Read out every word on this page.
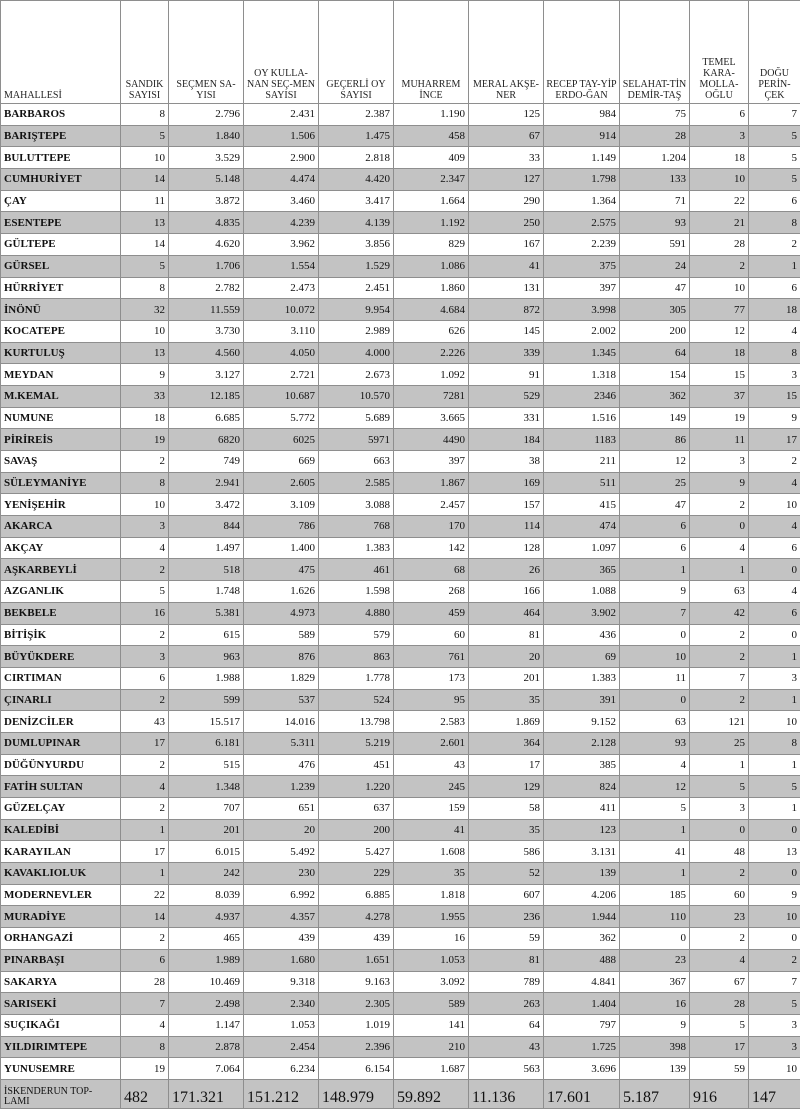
MAHALLESİ	SANDIK SAYISI	SEÇMEN SA-YISI	OY KULLA-NAN SEÇ-MEN SAYISI	GEÇERLİ OY SAYISI	MUHARREM İNCE	MERAL AKŞE-NER	RECEP TAY-YİP ERDO-ĞAN	SELAHAT-TİN DEMİR-TAŞ	TEMEL KARA-MOLLA-OĞLU	DOĞU PERİN-ÇEK
BARBAROS	8	2.796	2.431	2.387	1.190	125	984	75	6	7
BARIŞTEPE	5	1.840	1.506	1.475	458	67	914	28	3	5
BULUTTEPE	10	3.529	2.900	2.818	409	33	1.149	1.204	18	5
CUMHURİYET	14	5.148	4.474	4.420	2.347	127	1.798	133	10	5
ÇAY	11	3.872	3.460	3.417	1.664	290	1.364	71	22	6
ESENTEPE	13	4.835	4.239	4.139	1.192	250	2.575	93	21	8
GÜLTEPE	14	4.620	3.962	3.856	829	167	2.239	591	28	2
GÜRSEL	5	1.706	1.554	1.529	1.086	41	375	24	2	1
HÜRRİYET	8	2.782	2.473	2.451	1.860	131	397	47	10	6
İNÖNÜ	32	11.559	10.072	9.954	4.684	872	3.998	305	77	18
KOCATEPE	10	3.730	3.110	2.989	626	145	2.002	200	12	4
KURTULUŞ	13	4.560	4.050	4.000	2.226	339	1.345	64	18	8
MEYDAN	9	3.127	2.721	2.673	1.092	91	1.318	154	15	3
M.KEMAL	33	12.185	10.687	10.570	7281	529	2346	362	37	15
NUMUNE	18	6.685	5.772	5.689	3.665	331	1.516	149	19	9
PİRİREİS	19	6820	6025	5971	4490	184	1183	86	11	17
SAVAŞ	2	749	669	663	397	38	211	12	3	2
SÜLEYMANİYE	8	2.941	2.605	2.585	1.867	169	511	25	9	4
YENİŞEHİR	10	3.472	3.109	3.088	2.457	157	415	47	2	10
AKARCA	3	844	786	768	170	114	474	6	0	4
AKÇAY	4	1.497	1.400	1.383	142	128	1.097	6	4	6
AŞKARBEYLİ	2	518	475	461	68	26	365	1	1	0
AZGANLIK	5	1.748	1.626	1.598	268	166	1.088	9	63	4
BEKBELE	16	5.381	4.973	4.880	459	464	3.902	7	42	6
BİTİŞİK	2	615	589	579	60	81	436	0	2	0
BÜYÜKDERE	3	963	876	863	761	20	69	10	2	1
CIRTIMAN	6	1.988	1.829	1.778	173	201	1.383	11	7	3
ÇINARLI	2	599	537	524	95	35	391	0	2	1
DENİZCİLER	43	15.517	14.016	13.798	2.583	1.869	9.152	63	121	10
DUMLUPINAR	17	6.181	5.311	5.219	2.601	364	2.128	93	25	8
DÜĞÜNYURDU	2	515	476	451	43	17	385	4	1	1
FATİH SULTAN	4	1.348	1.239	1.220	245	129	824	12	5	5
GÜZELÇAY	2	707	651	637	159	58	411	5	3	1
KALEDİBİ	1	201	20	200	41	35	123	1	0	0
KARAYILAN	17	6.015	5.492	5.427	1.608	586	3.131	41	48	13
KAVAKLIOLUK	1	242	230	229	35	52	139	1	2	0
MODERNEVLER	22	8.039	6.992	6.885	1.818	607	4.206	185	60	9
MURADİYE	14	4.937	4.357	4.278	1.955	236	1.944	110	23	10
ORHANGAZİ	2	465	439	439	16	59	362	0	2	0
PINARBAŞI	6	1.989	1.680	1.651	1.053	81	488	23	4	2
SAKARYA	28	10.469	9.318	9.163	3.092	789	4.841	367	67	7
SARISEKİ	7	2.498	2.340	2.305	589	263	1.404	16	28	5
SUÇIKAĞI	4	1.147	1.053	1.019	141	64	797	9	5	3
YILDIRIMTEPE	8	2.878	2.454	2.396	210	43	1.725	398	17	3
YUNUSEMRE	19	7.064	6.234	6.154	1.687	563	3.696	139	59	10
İSKENDERUN TOP-LAMI	482	171.321	151.212	148.979	59.892	11.136	17.601	5.187	916	147
